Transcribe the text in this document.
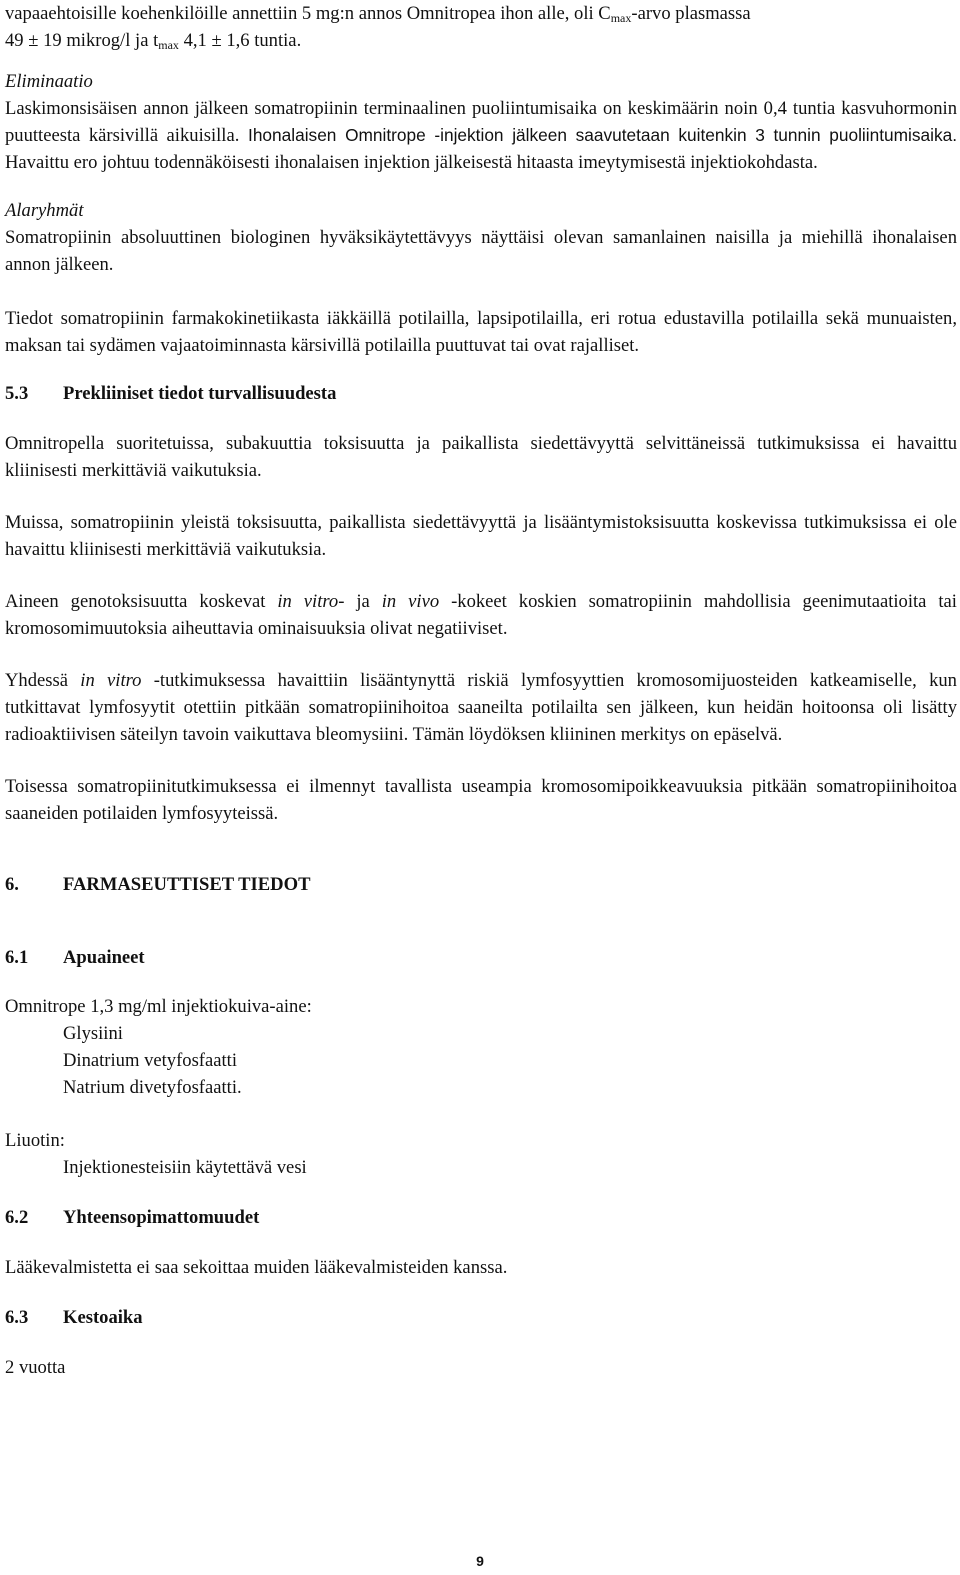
vapaaehtoisille koehenkilöille annettiin 5 mg:n annos Omnitropea ihon alle, oli $C_{max}$-arvo plasmassa
49 ± 19 mikrog/l ja $t_{max}$ 4,1 ± 1,6 tuntia.

Eliminaatio

Laskimonsisäisen annon jälkeen somatropiinin terminaalinen puoliintumisaika on keskimäärin noin 0,4 tuntia kasvuhormonin puutteesta kärsivillä aikuisilla. Ihonalaisen Omnitrope -injektion jälkeen saavutetaan kuitenkin 3 tunnin puoliintumisaika. Havaittu ero johtuu todennäköisesti ihonalaisen injektion jälkeisestä hitaasta imeytymisestä injektiokohdasta.

Alaryhmät

Somatropiinin absoluuttinen biologinen hyväksikäytettävyys näyttäisi olevan samanlainen naisilla ja miehillä ihonalaisen annon jälkeen.

Tiedot somatropiinin farmakokinetiikasta iäkkäillä potilailla, lapsipotilailla, eri rotua edustavilla potilailla sekä munuaisten, maksan tai sydämen vajaatoiminnasta kärsivillä potilailla puuttuvat tai ovat rajalliset.

5.3 Prekliiniset tiedot turvallisuudesta

Omnitropella suoritetuissa, subakuuttia toksisuutta ja paikallista siedettävyyttä selvittäneissä tutkimuksissa ei havaittu kliinisesti merkittäviä vaikutuksia.

Muissa, somatropiinin yleistä toksisuutta, paikallista siedettävyyttä ja lisääntymistoksisuutta koskevissa tutkimuksissa ei ole havaittu kliinisesti merkittäviä vaikutuksia.

Aineen genotoksisuutta koskevat in vitro- ja in vivo -kokeet koskien somatropiinin mahdollisia geenimutaatioita tai kromosomimuutoksia aiheuttavia ominaisuuksia olivat negatiiviset.

Yhdessä in vitro -tutkimuksessa havaittiin lisääntynyttä riskiä lymfosyyttien kromosomijuosteiden katkeamiselle, kun tutkittavat lymfosyytit otettiin pitkään somatropiinihoitoa saaneilta potilailta sen jälkeen, kun heidän hoitoonsa oli lisätty radioaktiivisen säteilyn tavoin vaikuttava bleomysiini. Tämän löydöksen kliininen merkitys on epäselvä.

Toisessa somatropiinitutkimuksessa ei ilmennyt tavallista useampia kromosomipoikkeavuuksia pitkään somatropiinihoitoa saaneiden potilaiden lymfosyyteissä.

6. FARMASEUTTISET TIEDOT

6.1 Apuaineet

Omnitrope 1,3 mg/ml injektiokuiva-aine:

Glysiini

Dinatrium vetyfosfaatti

Natrium divetyfosfaatti.

Liuotin:

Injektionesteisiin käytettävä vesi

6.2 Yhteensopimattomuudet

Lääkevalmistetta ei saa sekoittaa muiden lääkevalmisteiden kanssa.

6.3 Kestoaika

2 vuotta

9
